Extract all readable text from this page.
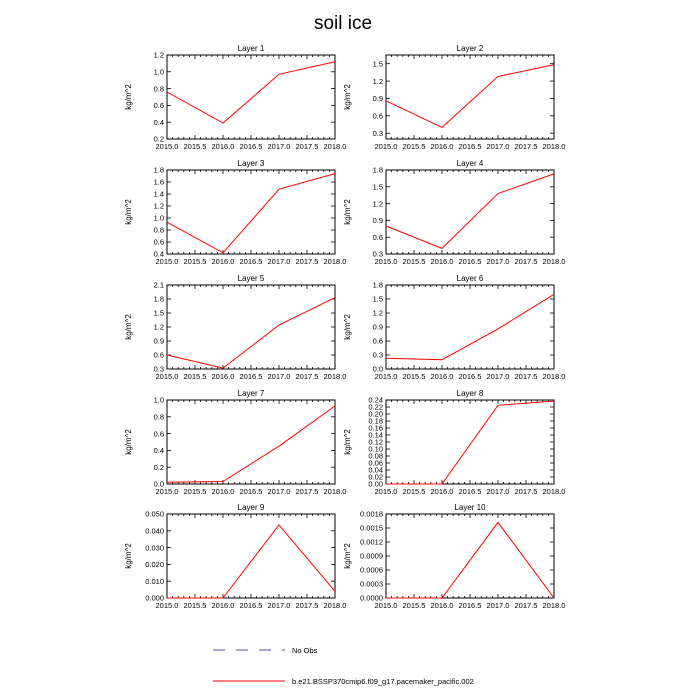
soil ice
Layer 1
kg/m^2
2015.0 2015.5 2016.0 2016.5 2017.0 2017.5 2018.0
0.2
0.4
0.6
0.8
1.0
1.2
Layer 2
kg/m^2
2015.0 2015.5 2016.0 2016.5 2017.0 2017.5 2018.0
0.3
0.6
0.9
1.2
1.5
Layer 3
kg/m^2
2015.0 2015.5 2016.0 2016.5 2017.0 2017.5 2018.0
0.4
0.6
0.8
1.0
1.2
1.4
1.6
1.8
Layer 4
kg/m^2
2015.0 2015.5 2016.0 2016.5 2017.0 2017.5 2018.0
0.3
0.6
0.9
1.2
1.5
1.8
Layer 5
kg/m^2
2015.0 2015.5 2016.0 2016.5 2017.0 2017.5 2018.0
0.3
0.6
0.9
1.2
1.5
1.8
2.1
Layer 6
kg/m^2
2015.0 2015.5 2016.0 2016.5 2017.0 2017.5 2018.0
0.0
0.3
0.6
0.9
1.2
1.5
1.8
Layer 7
kg/m^2
2015.0 2015.5 2016.0 2016.5 2017.0 2017.5 2018.0
0.0
0.2
0.4
0.6
0.8
1.0
Layer 8
kg/m^2
2015.0 2015.5 2016.0 2016.5 2017.0 2017.5 2018.0
0.00
0.02
0.04
0.06
0.08
0.10
0.12
0.14
0.16
0.18
0.20
0.22
0.24
Layer 9
kg/m^2
2015.0 2015.5 2016.0 2016.5 2017.0 2017.5 2018.0
0.000
0.010
0.020
0.030
0.040
0.050
Layer 10
kg/m^2
2015.0 2015.5 2016.0 2016.5 2017.0 2017.5 2018.0
0.0000
0.0003
0.0006
0.0009
0.0012
0.0015
0.0018
No Obs
b.e21.BSSP370cmip6.f09_g17.pacemaker_pacific.002
